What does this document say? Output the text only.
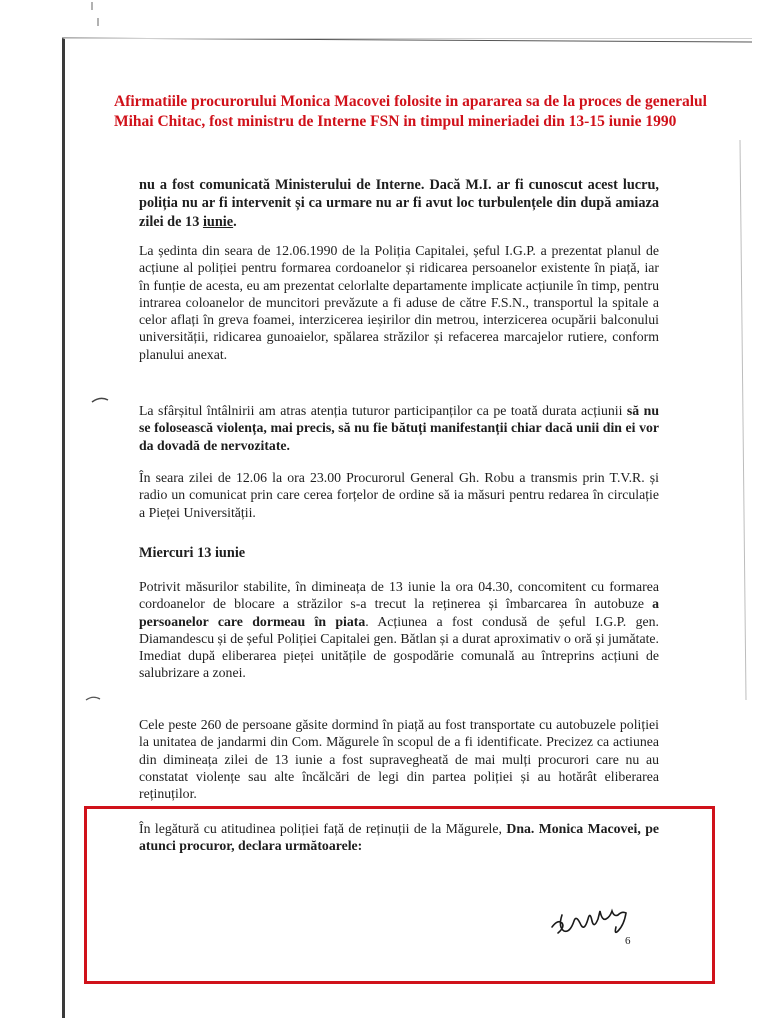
Afirmatiile procurorului Monica Macovei folosite in apararea sa de la proces de generalul Mihai Chitac, fost ministru de Interne FSN in timpul mineriadei din 13-15 iunie 1990
nu a fost comunicată Ministerului de Interne. Dacă M.I. ar fi cunoscut acest lucru, poliția nu ar fi intervenit și ca urmare nu ar fi avut loc turbulențele din după amiaza zilei de 13 iunie.
La ședinta din seara de 12.06.1990 de la Poliția Capitalei, șeful I.G.P. a prezentat planul de acțiune al poliției pentru formarea cordoanelor și ridicarea persoanelor existente în piață, iar în funție de acesta, eu am prezentat celorlalte departamente implicate acțiunile în timp, pentru intrarea coloanelor de muncitori prevăzute a fi aduse de către F.S.N., transportul la spitale a celor aflați în greva foamei, interzicerea ieșirilor din metrou, interzicerea ocupării balconului universității, ridicarea gunoaielor, spălarea străzilor și refacerea marcajelor rutiere, conform planului anexat.
La sfârșitul întâlnirii am atras atenția tuturor participanților ca pe toată durata acțiunii să nu se folosească violența, mai precis, să nu fie bătuți manifestanții chiar dacă unii din ei vor da dovadă de nervozitate.
În seara zilei de 12.06 la ora 23.00 Procurorul General Gh. Robu a transmis prin T.V.R. și radio un comunicat prin care cerea forțelor de ordine să ia măsuri pentru redarea în circulație a Pieței Universității.
Miercuri 13 iunie
Potrivit măsurilor stabilite, în dimineața de 13 iunie la ora 04.30, concomitent cu formarea cordoanelor de blocare a străzilor s-a trecut la reținerea și îmbarcarea în autobuze a persoanelor care dormeau în piata. Acțiunea a fost condusă de șeful I.G.P. gen. Diamandescu și de șeful Poliției Capitalei gen. Bătlan și a durat aproximativ o oră și jumătate. Imediat după eliberarea pieței unitățile de gospodărie comunală au întreprins acțiuni de salubrizare a zonei.
Cele peste 260 de persoane găsite dormind în piață au fost transportate cu autobuzele poliției la unitatea de jandarmi din Com. Măgurele în scopul de a fi identificate. Precizez ca actiunea din dimineața zilei de 13 iunie a fost supravegheată de mai mulți procurori care nu au constatat violențe sau alte încălcări de legi din partea poliției și au hotărât eliberarea reținuților.
În legătură cu atitudinea poliției față de reținuții de la Măgurele, Dna. Monica Macovei, pe atunci procuror, declara următoarele:
6
